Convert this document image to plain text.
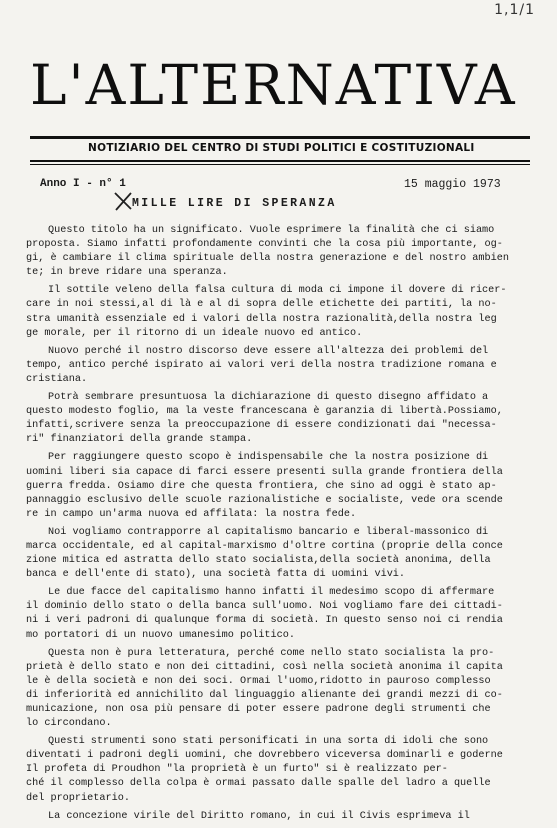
1,1/1
L'ALTERNATIVA
NOTIZIARIO DEL CENTRO DI STUDI POLITICI E COSTITUZIONALI
Anno I - n° 1	15 maggio 1973
MILLE LIRE DI SPERANZA
Questo titolo ha un significato. Vuole esprimere la finalità che ci siamo
proposta. Siamo infatti profondamente convinti che la cosa più importante, og-
gi, è cambiare il clima spirituale della nostra generazione e del nostro ambien
te; in breve ridare una speranza.
Il sottile veleno della falsa cultura di moda ci impone il dovere di ricer-
care in noi stessi,al di là e al di sopra delle etichette dei partiti, la no-
stra umanità essenziale ed i valori della nostra razionalità,della nostra leg
ge morale, per il ritorno di un ideale nuovo ed antico.
Nuovo perché il nostro discorso deve essere all'altezza dei problemi del
tempo, antico perché ispirato ai valori veri della nostra tradizione romana e
cristiana.
Potrà sembrare presuntuosa la dichiarazione di questo disegno affidato a
questo modesto foglio, ma la veste francescana è garanzia di libertà.Possiamo,
infatti,scrivere senza la preoccupazione di essere condizionati dai "necessa-
ri" finanziatori della grande stampa.
Per raggiungere questo scopo è indispensabile che la nostra posizione di
uomini liberi sia capace di farci essere presenti sulla grande frontiera della
guerra fredda. Osiamo dire che questa frontiera, che sino ad oggi è stato ap-
pannaggio esclusivo delle scuole razionalistiche e socialiste, vede ora scende
re in campo un'arma nuova ed affilata: la nostra fede.
Noi vogliamo contrapporre al capitalismo bancario e liberal-massonico di
marca occidentale, ed al capital-marxismo d'oltre cortina (proprie della conce
zione mitica ed astratta dello stato socialista,della società anonima, della
banca e dell'ente di stato), una società fatta di uomini vivi.
Le due facce del capitalismo hanno infatti il medesimo scopo di affermare
il dominio dello stato o della banca sull'uomo. Noi vogliamo fare dei cittadi-
ni i veri padroni di qualunque forma di società. In questo senso noi ci rendia
mo portatori di un nuovo umanesimo politico.
Questa non è pura letteratura, perché come nello stato socialista la pro-
prietà è dello stato e non dei cittadini, così nella società anonima il capita
le è della società e non dei soci. Ormai l'uomo,ridotto in pauroso complesso
di inferiorità ed annichilito dal linguaggio alienante dei grandi mezzi di co-
municazione, non osa più pensare di poter essere padrone degli strumenti che
lo circondano.
Questi strumenti sono stati personificati in una sorta di idoli che sono
diventati i padroni degli uomini, che dovrebbero viceversa dominarli e goderne
Il profeta di Proudhon "la proprietà è un furto" si è realizzato per-
ché il complesso della colpa è ormai passato dalle spalle del ladro a quelle
del proprietario.
La concezione virile del Diritto romano, in cui il Civis esprimeva il
